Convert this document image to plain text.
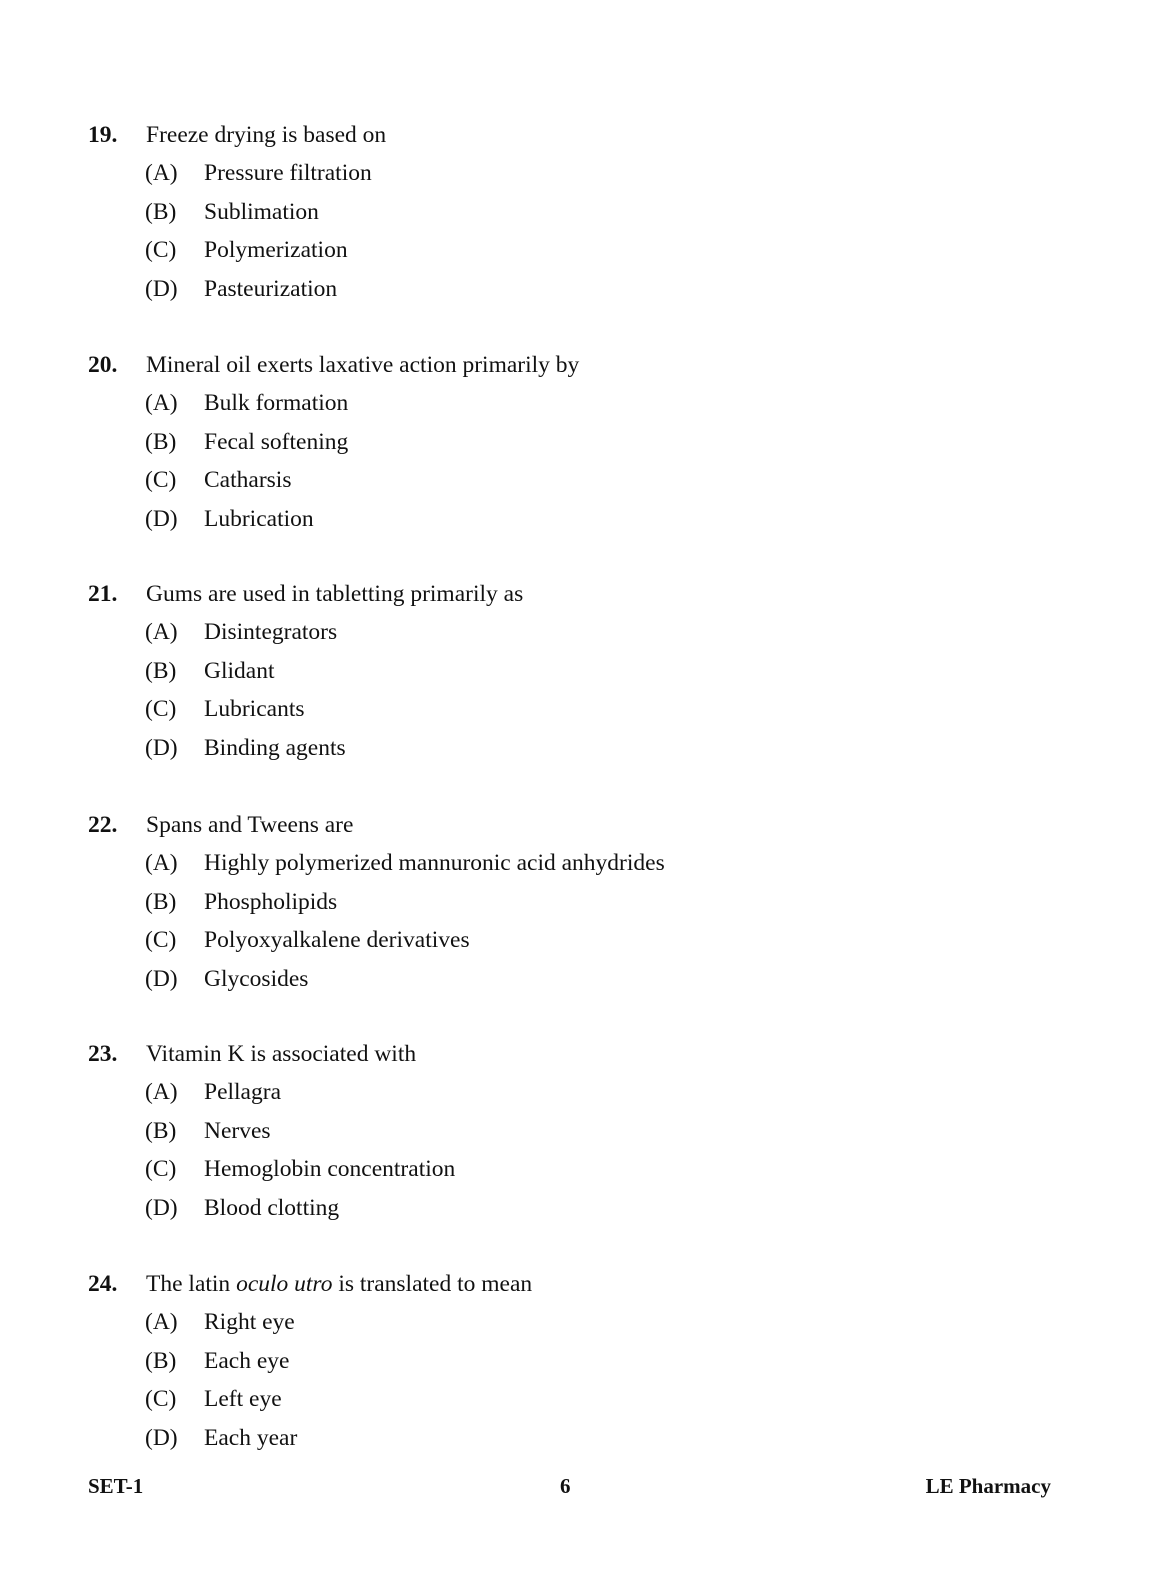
19. Freeze drying is based on
(A) Pressure filtration
(B) Sublimation
(C) Polymerization
(D) Pasteurization
20. Mineral oil exerts laxative action primarily by
(A) Bulk formation
(B) Fecal softening
(C) Catharsis
(D) Lubrication
21. Gums are used in tabletting primarily as
(A) Disintegrators
(B) Glidant
(C) Lubricants
(D) Binding agents
22. Spans and Tweens are
(A) Highly polymerized mannuronic acid anhydrides
(B) Phospholipids
(C) Polyoxyalkalene derivatives
(D) Glycosides
23. Vitamin K is associated with
(A) Pellagra
(B) Nerves
(C) Hemoglobin concentration
(D) Blood clotting
24. The latin oculo utro is translated to mean
(A) Right eye
(B) Each eye
(C) Left eye
(D) Each year
SET-1	6	LE Pharmacy
